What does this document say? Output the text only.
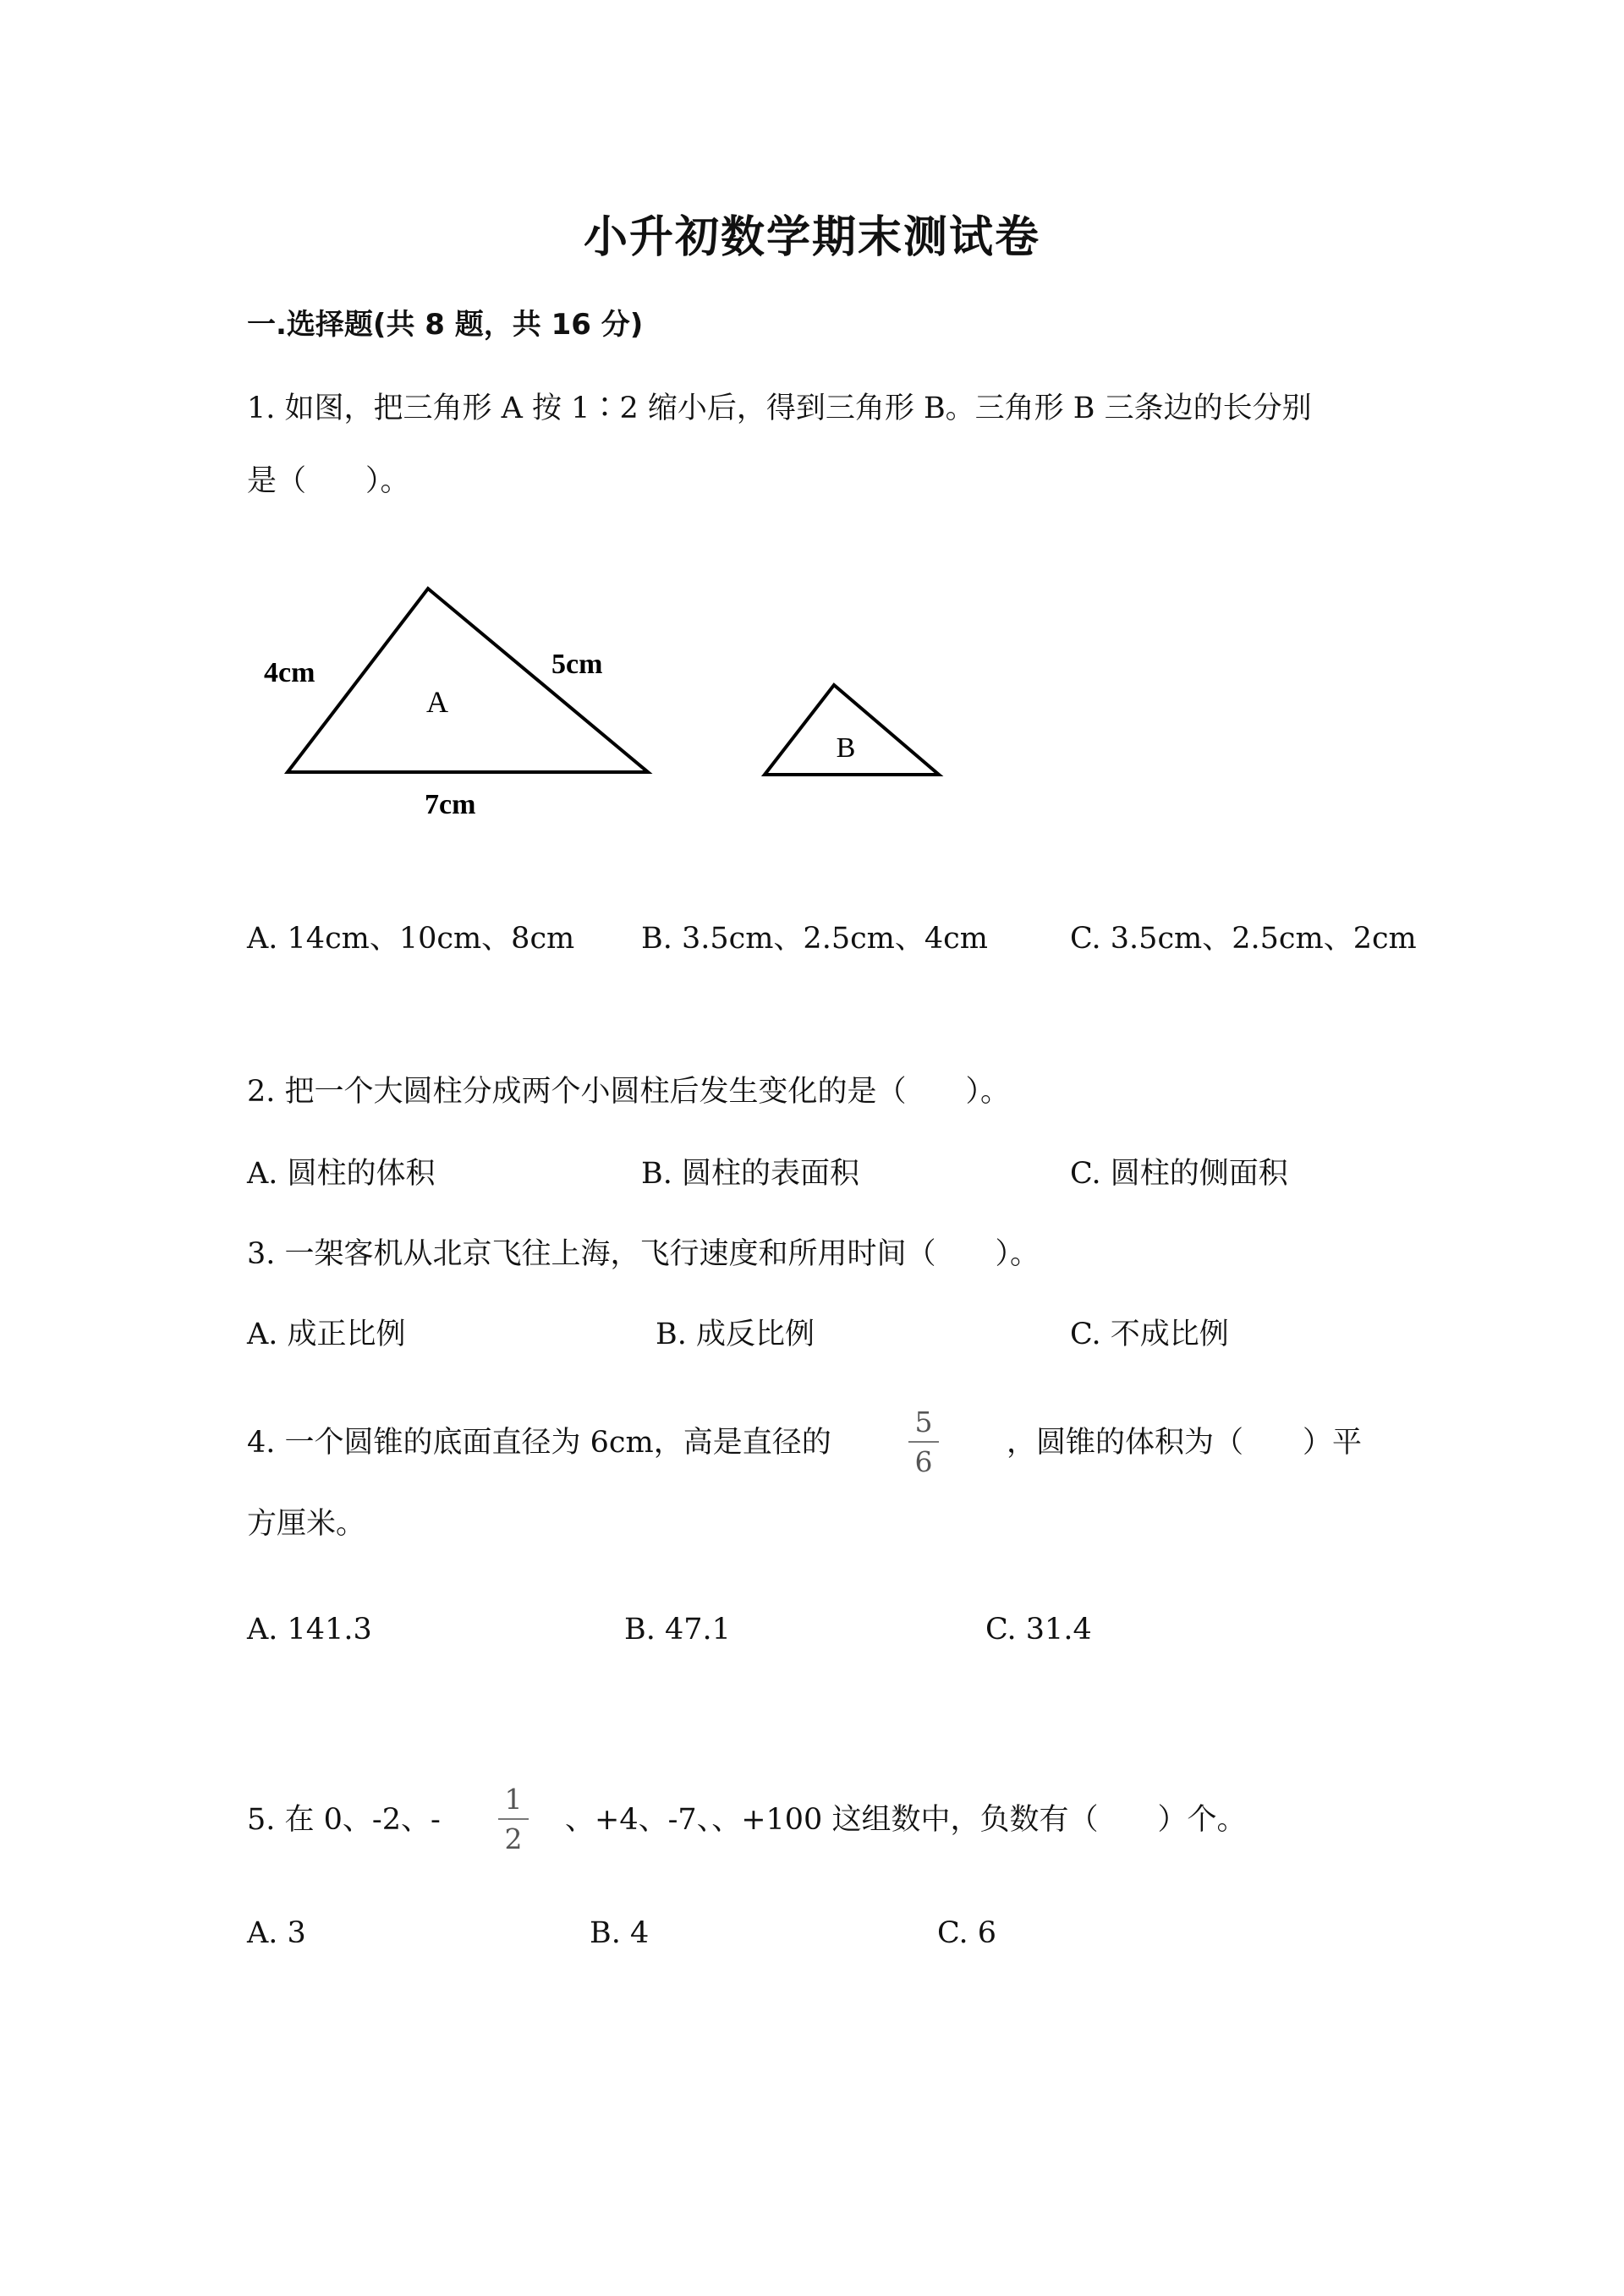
小升初数学期末测试卷
一.选择题(共 8 题，共 16 分)
1. 如图，把三角形 A 按 1∶2 缩小后，得到三角形 B。三角形 B 三条边的长分别
是（　　）。
A
B
4cm	5cm
7cm
A. 14cm、10cm、8cm B. 3.5cm、2.5cm、4cm	C. 3.5cm、2.5cm、2cm
2. 把一个大圆柱分成两个小圆柱后发生变化的是（　　）。
A. 圆柱的体积	B. 圆柱的表面积	C. 圆柱的侧面积
3. 一架客机从北京飞往上海，飞行速度和所用时间（　　）。
A. 成正比例	B. 成反比例	C. 不成比例
4. 一个圆锥的底面直径为 6cm，高是直径的
5
6
，圆锥的体积为（　　）平
方厘米。
A. 141.3	B. 47.1	C. 31.4
5. 在 0、-2、-
1
2
、+4、-7、、+100 这组数中，负数有（　　）个。
A. 3	B. 4	C. 6
